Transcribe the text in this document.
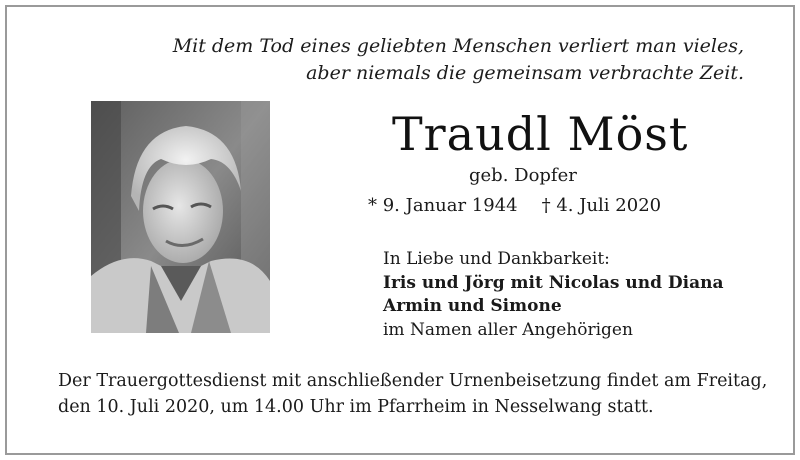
Mit dem Tod eines geliebten Menschen verliert man vieles,
aber niemals die gemeinsam verbrachte Zeit.
Traudl Möst
geb. Dopfer
* 9. Januar 1944 † 4. Juli 2020
In Liebe und Dankbarkeit:
Iris und Jörg mit Nicolas und Diana
Armin und Simone
im Namen aller Angehörigen
Der Trauergottesdienst mit anschließender Urnenbeisetzung findet am Freitag,
den 10. Juli 2020, um 14.00 Uhr im Pfarrheim in Nesselwang statt.
